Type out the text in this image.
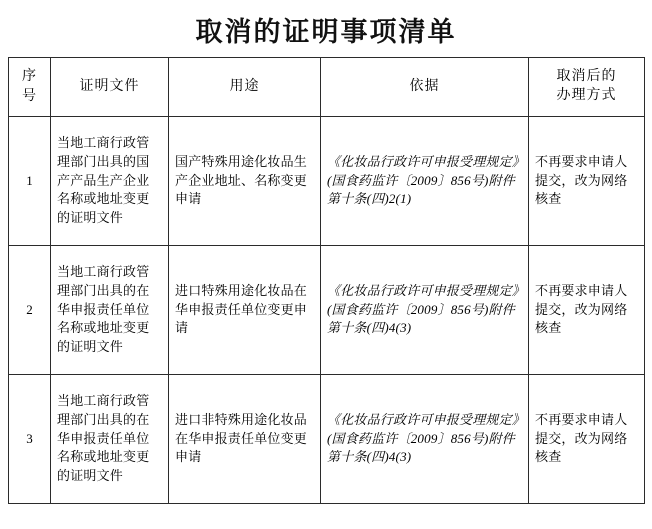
取消的证明事项清单
序号	证明文件	用途	依据	取消后的
办理方式

1	当地工商行政管理部门出具的国产产品生产企业名称或地址变更的证明文件	国产特殊用途化妆品生产企业地址、名称变更申请	《化妆品行政许可申报受理规定》(国食药监许〔2009〕856号)附件第十条(四)2(1)	不再要求申请人提交，改为网络核查
2	当地工商行政管理部门出具的在华申报责任单位名称或地址变更的证明文件	进口特殊用途化妆品在华申报责任单位变更申请	《化妆品行政许可申报受理规定》(国食药监许〔2009〕856号)附件第十条(四)4(3)	不再要求申请人提交，改为网络核查
3	当地工商行政管理部门出具的在华申报责任单位名称或地址变更的证明文件	进口非特殊用途化妆品在华申报责任单位变更申请	《化妆品行政许可申报受理规定》(国食药监许〔2009〕856号)附件第十条(四)4(3)	不再要求申请人提交，改为网络核查
